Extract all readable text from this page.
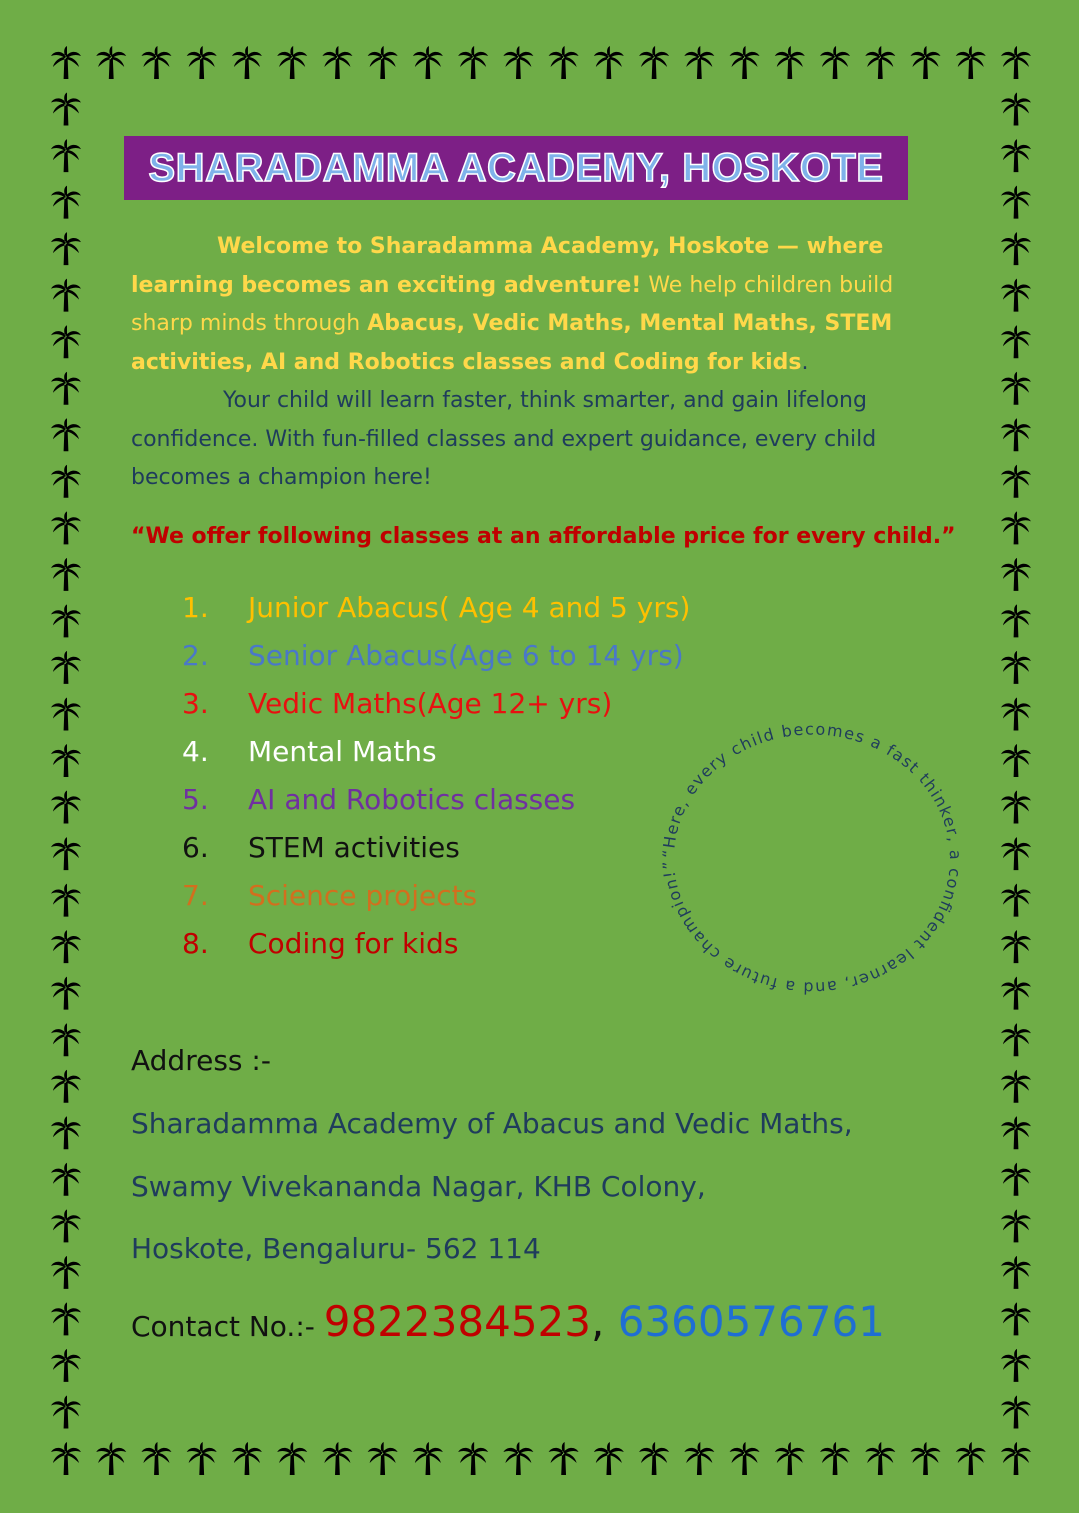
SHARADAMMA ACADEMY, HOSKOTE

Welcome to Sharadamma Academy, Hoskote — where learning becomes an exciting adventure! We help children build sharp minds through Abacus, Vedic Maths, Mental Maths, STEM activities, AI and Robotics classes and Coding for kids.

Your child will learn faster, think smarter, and gain lifelong confidence. With fun-filled classes and expert guidance, every child becomes a champion here!

“We offer following classes at an affordable price for every child.”
1.	Junior Abacus( Age 4 and 5 yrs)
2.	Senior Abacus(Age 6 to 14 yrs)
3.	Vedic Maths(Age 12+ yrs)
4.	Mental Maths
5.	AI and Robotics classes
6.	STEM activities
7.	Science projects
8.	Coding for kids
“Here, every child becomes a fast thinker, a confident learner, and a future champion!”
Address :-
Sharadamma Academy of Abacus and Vedic Maths,
Swamy Vivekananda Nagar, KHB Colony,
Hoskote, Bengaluru- 562 114
Contact No.:- 9822384523, 6360576761
